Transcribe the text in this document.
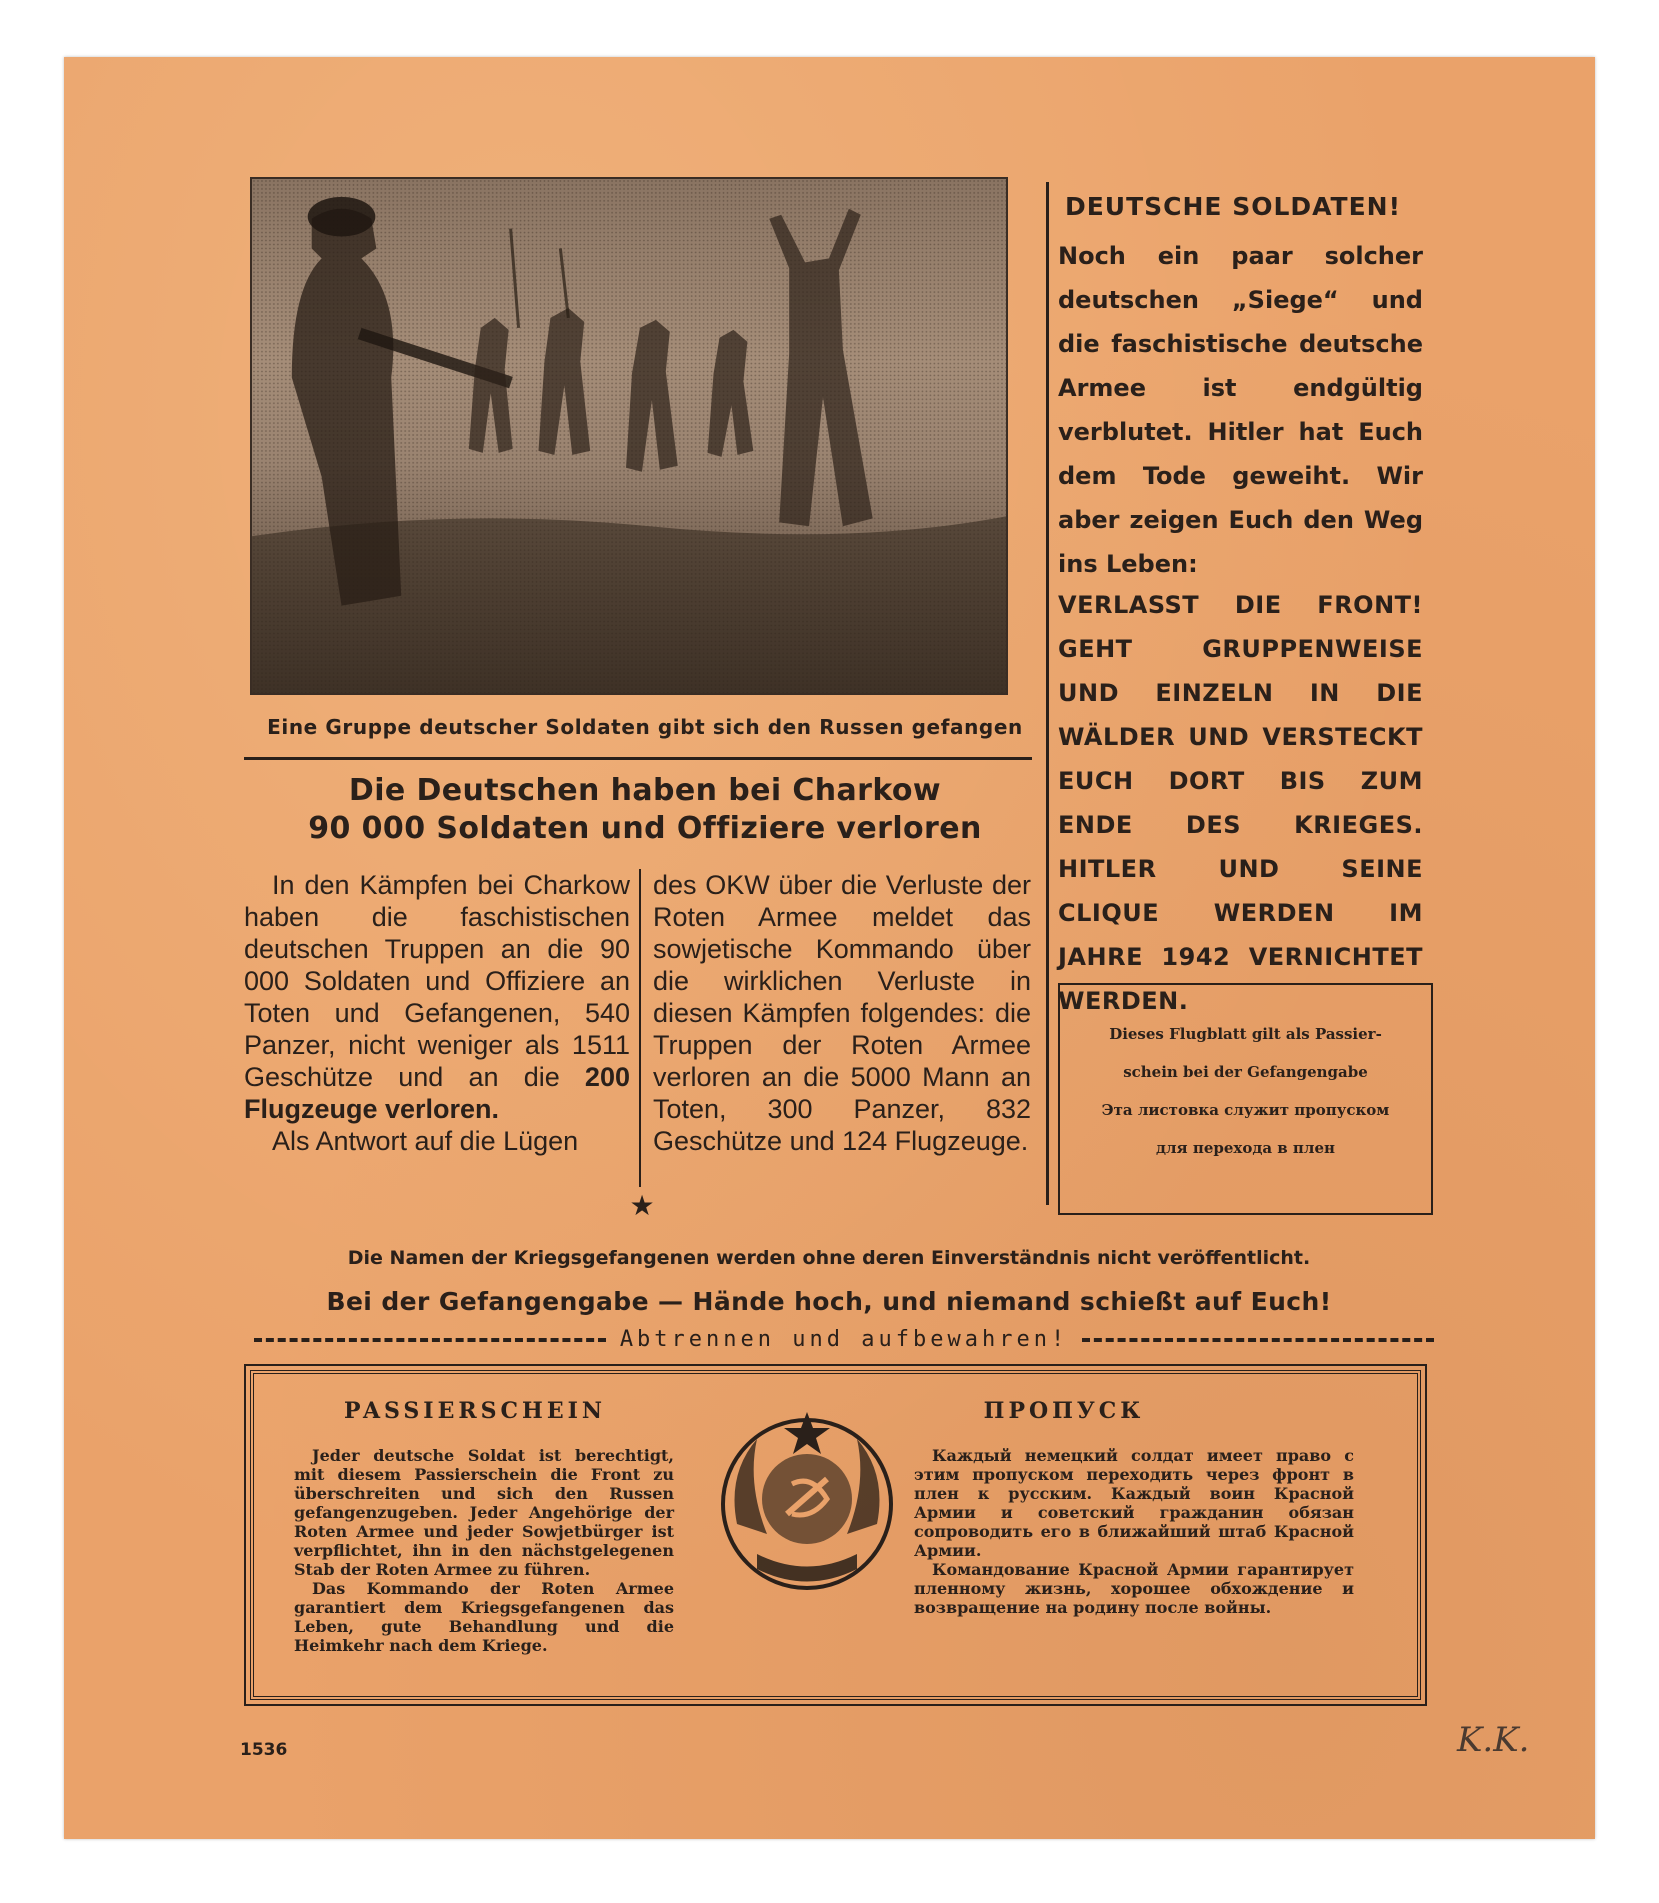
Eine Gruppe deutscher Soldaten gibt sich den Russen gefangen
Die Deutschen haben bei Charkow
90 000 Soldaten und Offiziere verloren

In den Kämpfen bei Charkow haben die faschistischen deutschen Truppen an die 90 000 Soldaten und Offiziere an Toten und Gefangenen, 540 Panzer, nicht weniger als 1511 Geschütze und an die 200 Flugzeuge verloren.

Als Antwort auf die Lügen

des OKW über die Verluste der Roten Armee meldet das sowjetische Kommando über die wirklichen Verluste in diesen Kämpfen folgendes: die Truppen der Roten Armee verloren an die 5000 Mann an Toten, 300 Panzer, 832 Geschütze und 124 Flugzeuge.

★
DEUTSCHE SOLDATEN!
Noch ein paar solcher deutschen „Siege“ und die faschistische deutsche Armee ist endgültig verblutet. Hitler hat Euch dem Tode geweiht. Wir aber zeigen Euch den Weg ins Leben:
VERLASST DIE FRONT! GEHT GRUPPENWEISE UND EINZELN IN DIE WÄLDER UND VERSTECKT EUCH DORT BIS ZUM ENDE DES KRIEGES. HITLER UND SEINE CLIQUE WERDEN IM JAHRE 1942 VERNICHTET WERDEN.
Dieses Flugblatt gilt als Passier-
schein bei der Gefangengabe
Эта листовка служит пропуском
для перехода в плен
Die Namen der Kriegsgefangenen werden ohne deren Einverständnis nicht veröffentlicht.
Bei der Gefangengabe — Hände hoch, und niemand schießt auf Euch!
Abtrennen und aufbewahren!
PASSIERSCHEIN

Jeder deutsche Soldat ist berechtigt, mit diesem Passierschein die Front zu überschreiten und sich den Russen gefangenzugeben. Jeder Angehörige der Roten Armee und jeder Sowjetbürger ist verpflichtet, ihn in den nächstgelegenen Stab der Roten Armee zu führen.

Das Kommando der Roten Armee garantiert dem Kriegsgefangenen das Leben, gute Behandlung und die Heimkehr nach dem Kriege.

ПРОПУСК

Каждый немецкий солдат имеет право с этим пропуском переходить через фронт в плен к русским. Каждый воин Красной Армии и советский гражданин обязан сопроводить его в ближайший штаб Красной Армии.

Командование Красной Армии гарантирует пленному жизнь, хорошее обхождение и возвращение на родину после войны.

1536	K.K.
